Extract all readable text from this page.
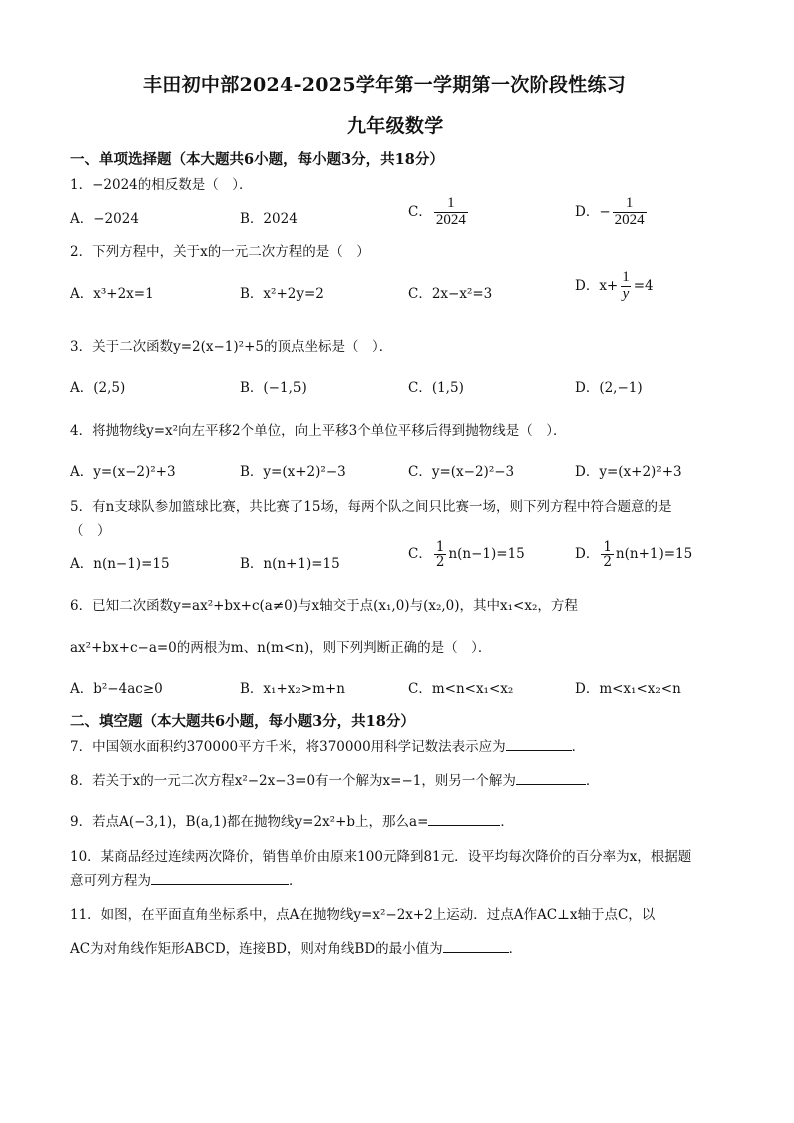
丰田初中部2024-2025学年第一学期第一次阶段性练习
九年级数学
一、单项选择题（本大题共6小题，每小题3分，共18分）
1．−2024的相反数是（　）．
A．−2024	B．2024	C． $\frac{1}{2024}$	D．− $\frac{1}{2024}$
2．下列方程中，关于x的一元二次方程的是（　）
A．x³+2x=1	B．x²+2y=2	C．2x−x²=3
D．$x+ \frac{1}{y} =4$
3．关于二次函数y=2(x−1)²+5的顶点坐标是（　）．
A．(2,5)	B．(−1,5)	C．(1,5)	D．(2,−1)
4．将抛物线y=x²向左平移2个单位，向上平移3个单位平移后得到抛物线是（　）．
A．y=(x−2)²+3	B．y=(x+2)²−3	C．y=(x−2)²−3	D．y=(x+2)²+3
5．有n支球队参加篮球比赛，共比赛了15场，每两个队之间只比赛一场，则下列方程中符合题意的是
（　）
A．n(n−1)=15	B．n(n+1)=15
C． $\frac{1}{2} n(n-1)=15$	D． $\frac{1}{2} n(n+1)=15$
6．已知二次函数y=ax²+bx+c(a≠0)与x轴交于点(x₁,0)与(x₂,0)，其中x₁<x₂，方程
ax²+bx+c−a=0的两根为m、n(m<n)，则下列判断正确的是（　）．
A．b²−4ac≥0	B．x₁+x₂>m+n	C．m<n<x₁<x₂	D．m<x₁<x₂<n
二、填空题（本大题共6小题，每小题3分，共18分）
7．中国领水面积约370000平方千米，将370000用科学记数法表示应为	．
8．若关于x的一元二次方程x²−2x−3=0有一个解为x=−1，则另一个解为	．
9．若点A(−3,1)，B(a,1)都在抛物线y=2x²+b上，那么a=	．
10．某商品经过连续两次降价，销售单价由原来100元降到81元．设平均每次降价的百分率为x，根据题
意可列方程为	．
11．如图，在平面直角坐标系中，点A在抛物线y=x²−2x+2上运动．过点A作AC⊥x轴于点C，以
AC为对角线作矩形ABCD，连接BD，则对角线BD的最小值为	．
